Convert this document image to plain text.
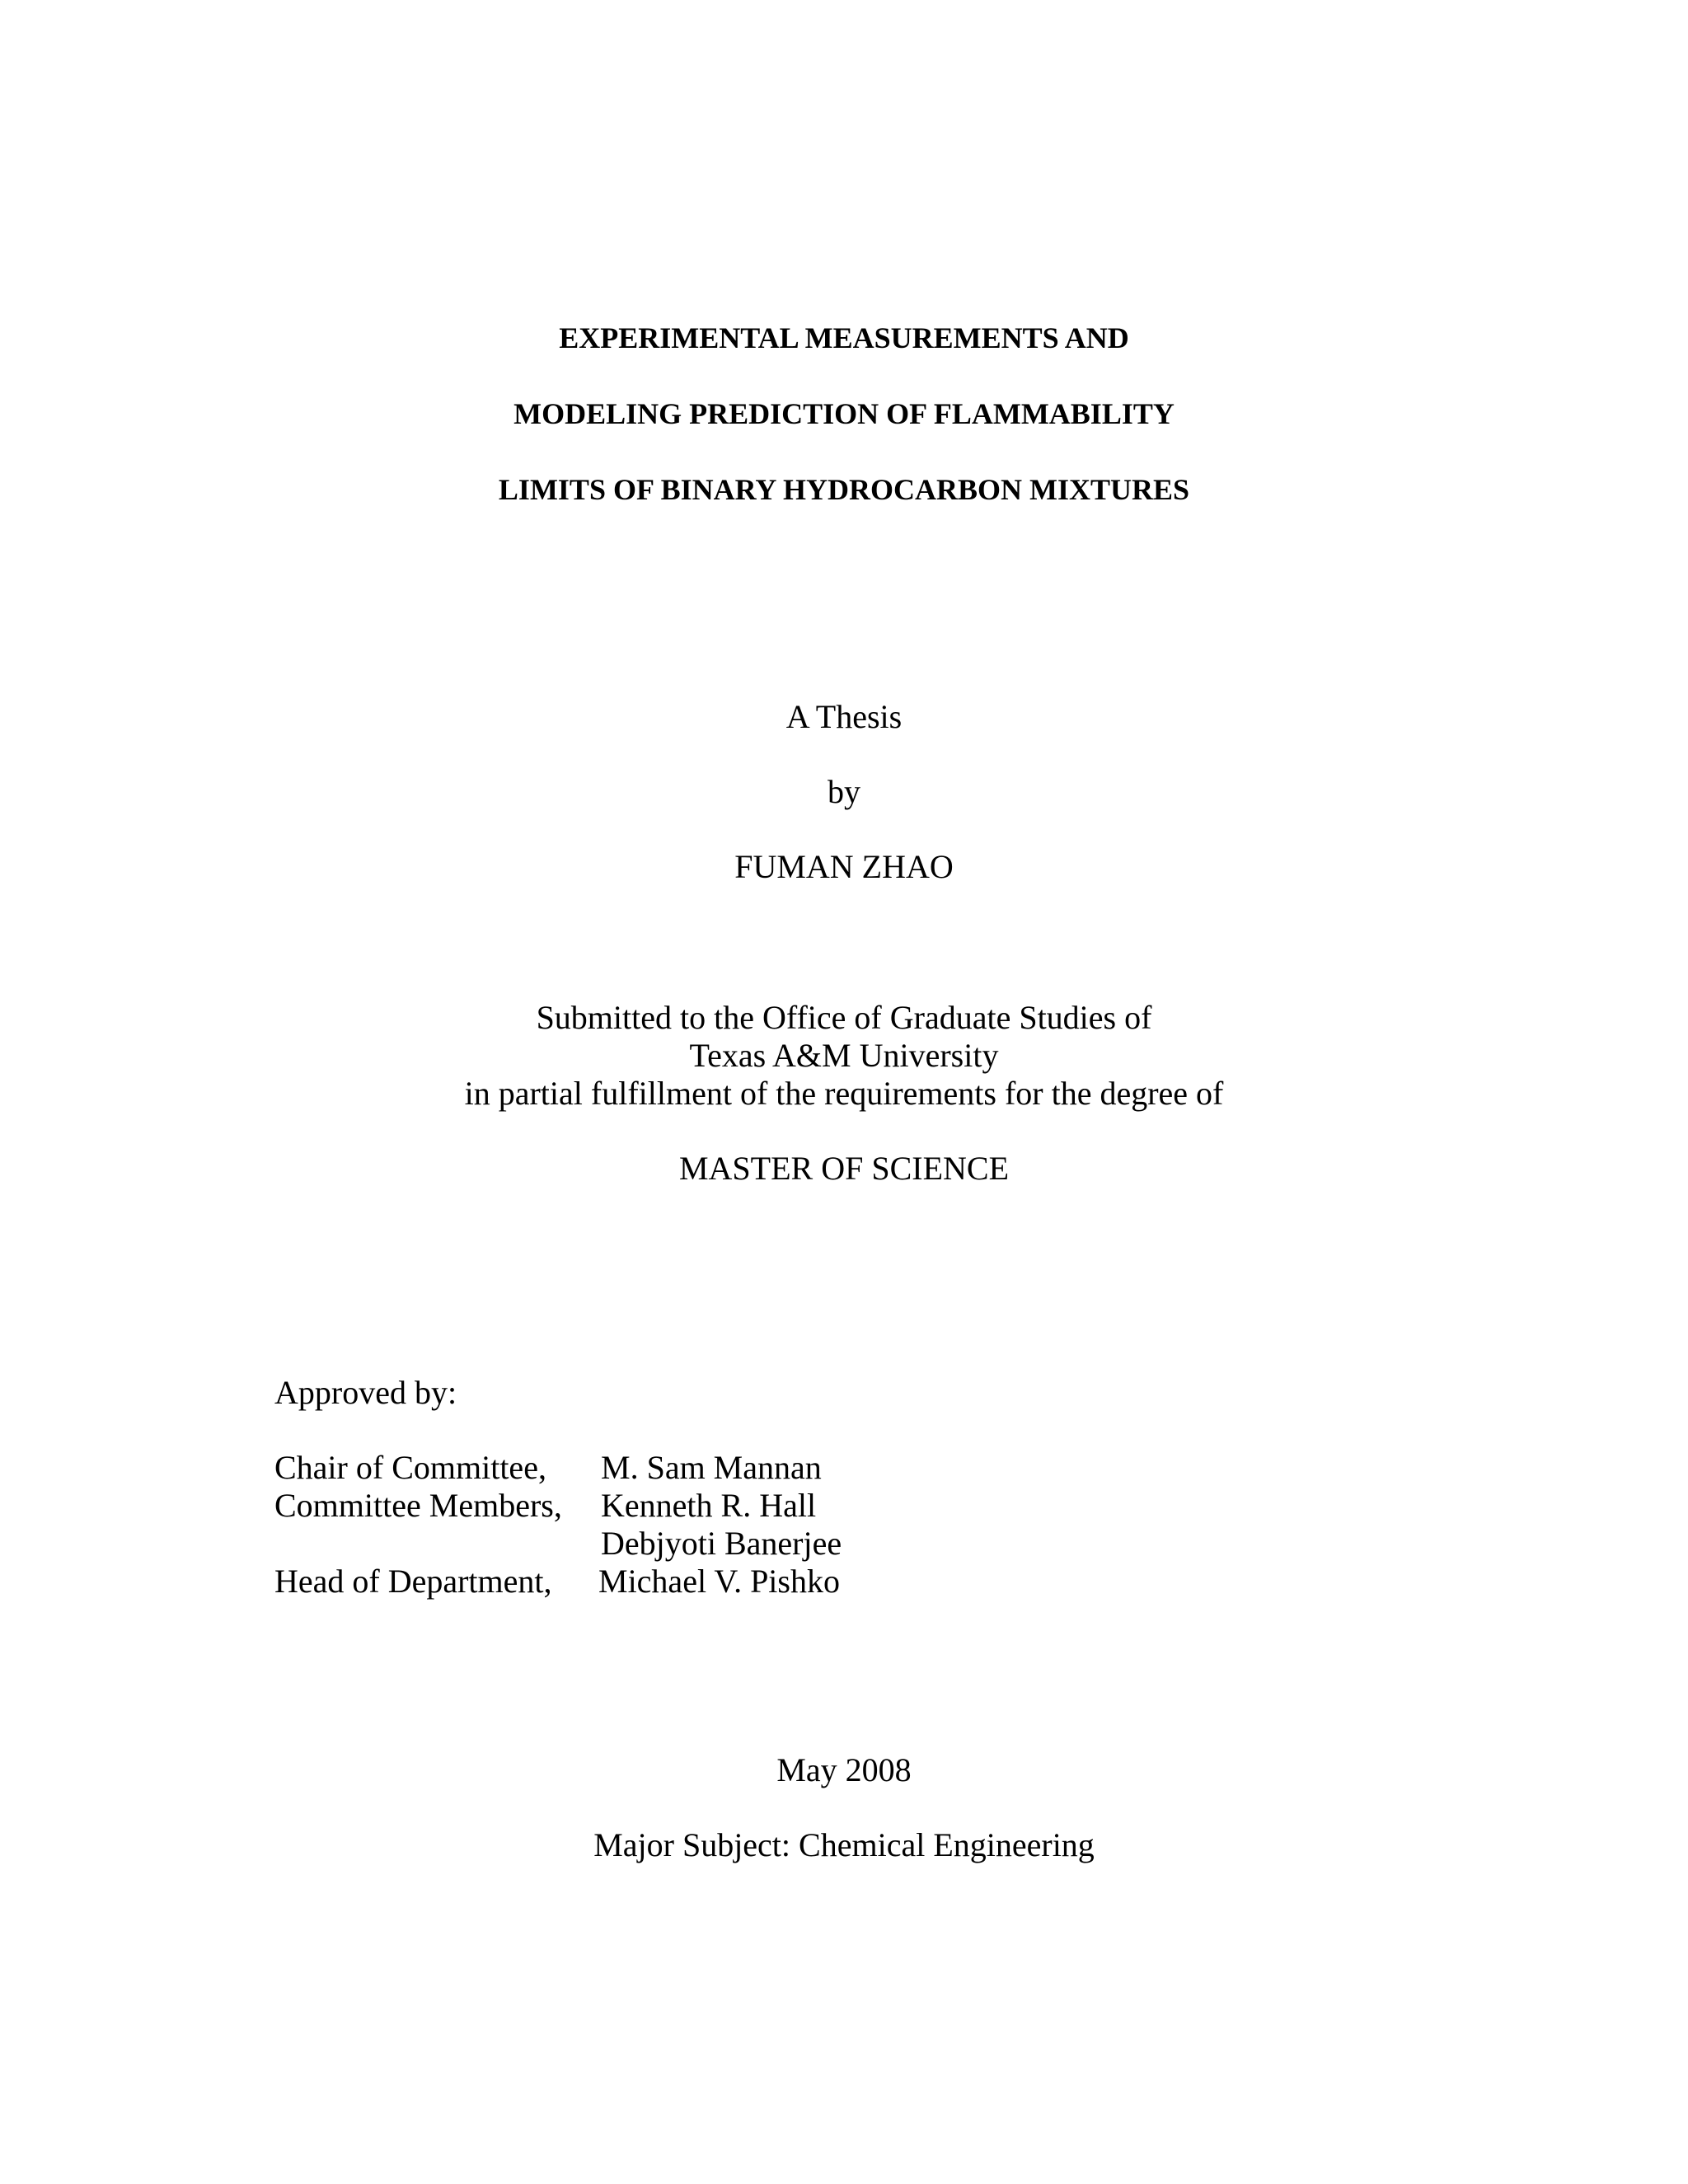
EXPERIMENTAL MEASUREMENTS AND
MODELING PREDICTION OF FLAMMABILITY
LIMITS OF BINARY HYDROCARBON MIXTURES
A Thesis
by
FUMAN ZHAO
Submitted to the Office of Graduate Studies of
Texas A&M University
in partial fulfillment of the requirements for the degree of
MASTER OF SCIENCE
Approved by:
Chair of Committee, M. Sam Mannan
Committee Members, Kenneth R. Hall
Debjyoti Banerjee
Head of Department, Michael V. Pishko
May 2008
Major Subject: Chemical Engineering
